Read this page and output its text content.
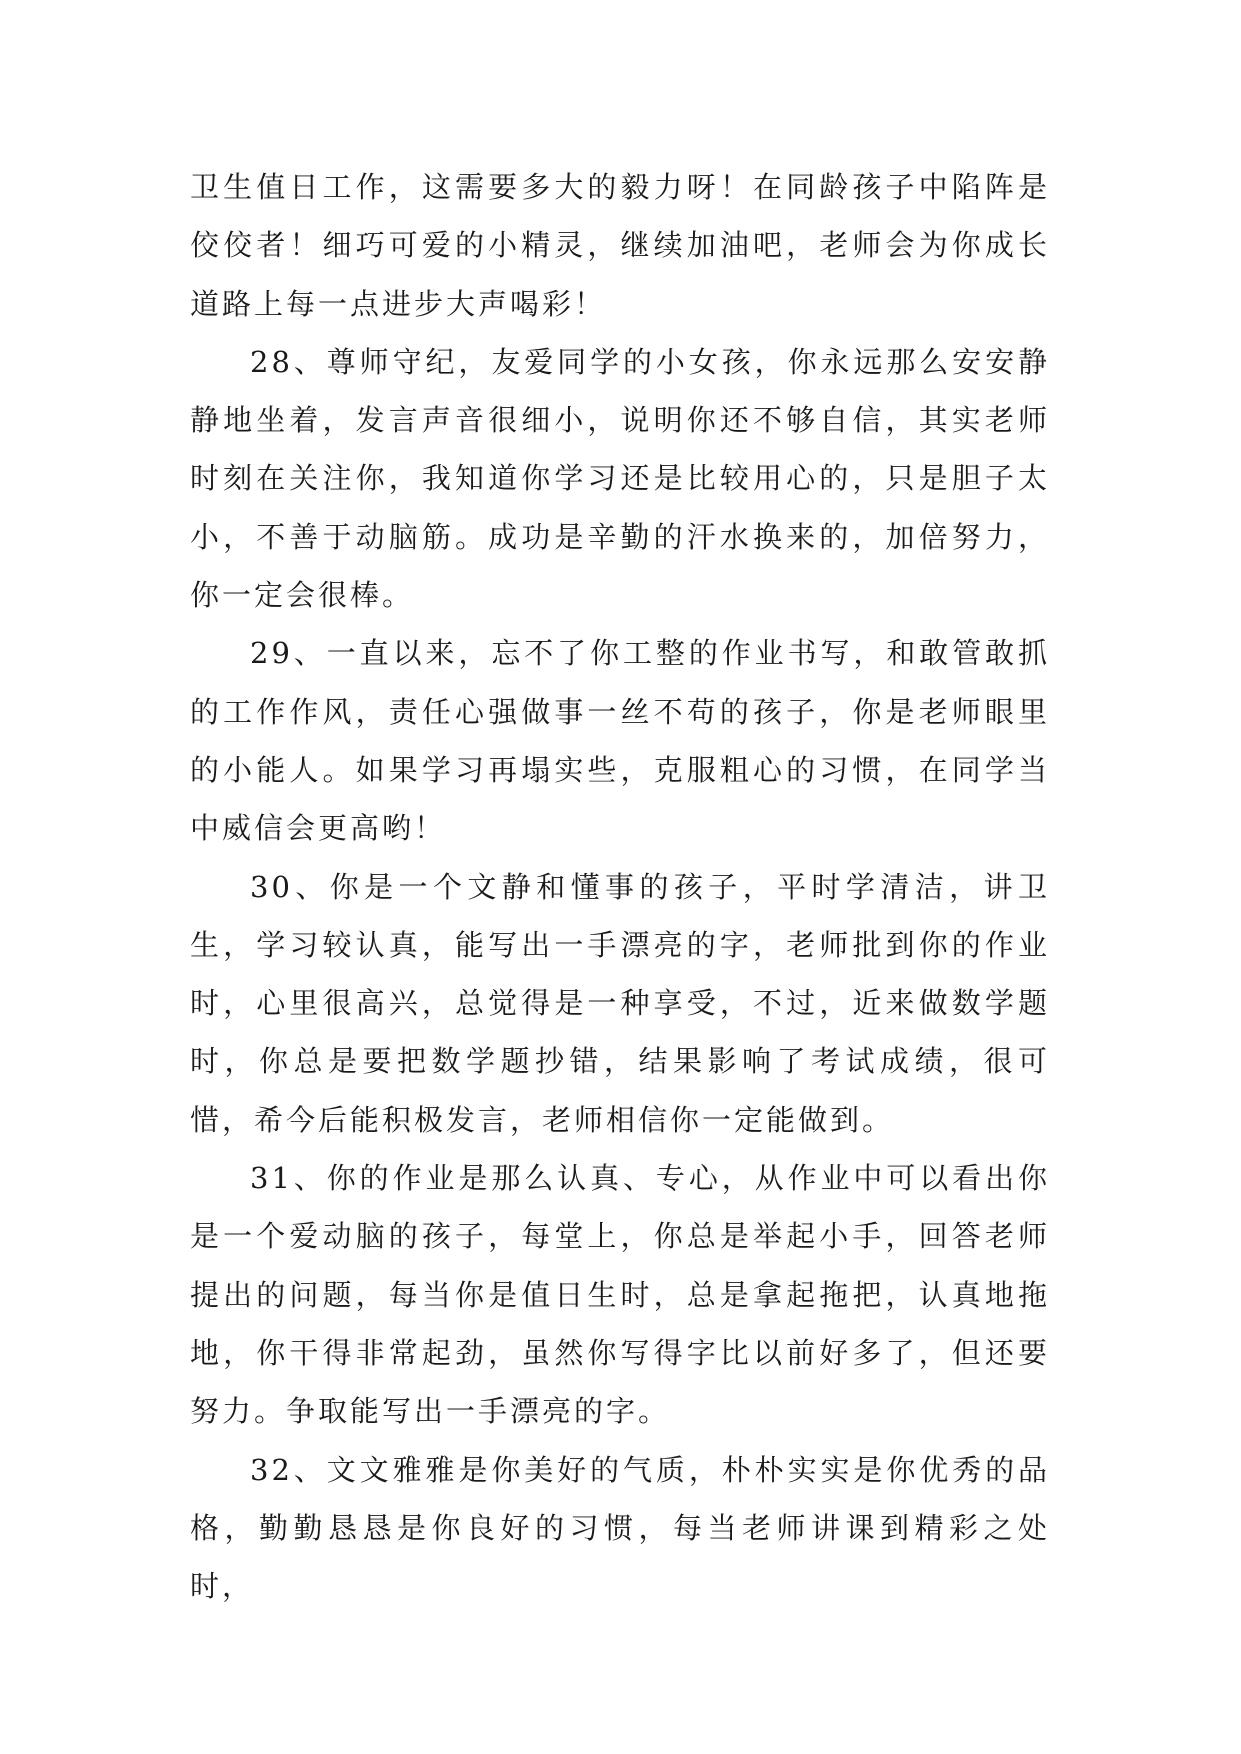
卫生值日工作，这需要多大的毅力呀！在同龄孩子中陷阵是佼佼者！细巧可爱的小精灵，继续加油吧，老师会为你成长道路上每一点进步大声喝彩！

28、尊师守纪，友爱同学的小女孩，你永远那么安安静静地坐着，发言声音很细小，说明你还不够自信，其实老师时刻在关注你，我知道你学习还是比较用心的，只是胆子太小，不善于动脑筋。成功是辛勤的汗水换来的，加倍努力，你一定会很棒。

29、一直以来，忘不了你工整的作业书写，和敢管敢抓的工作作风，责任心强做事一丝不苟的孩子，你是老师眼里的小能人。如果学习再塌实些，克服粗心的习惯，在同学当中威信会更高哟！

30、你是一个文静和懂事的孩子，平时学清洁，讲卫生，学习较认真，能写出一手漂亮的字，老师批到你的作业时，心里很高兴，总觉得是一种享受，不过，近来做数学题时，你总是要把数学题抄错，结果影响了考试成绩，很可惜，希今后能积极发言，老师相信你一定能做到。

31、你的作业是那么认真、专心，从作业中可以看出你是一个爱动脑的孩子，每堂上，你总是举起小手，回答老师提出的问题，每当你是值日生时，总是拿起拖把，认真地拖地，你干得非常起劲，虽然你写得字比以前好多了，但还要努力。争取能写出一手漂亮的字。

32、文文雅雅是你美好的气质，朴朴实实是你优秀的品格，勤勤恳恳是你良好的习惯，每当老师讲课到精彩之处时，
